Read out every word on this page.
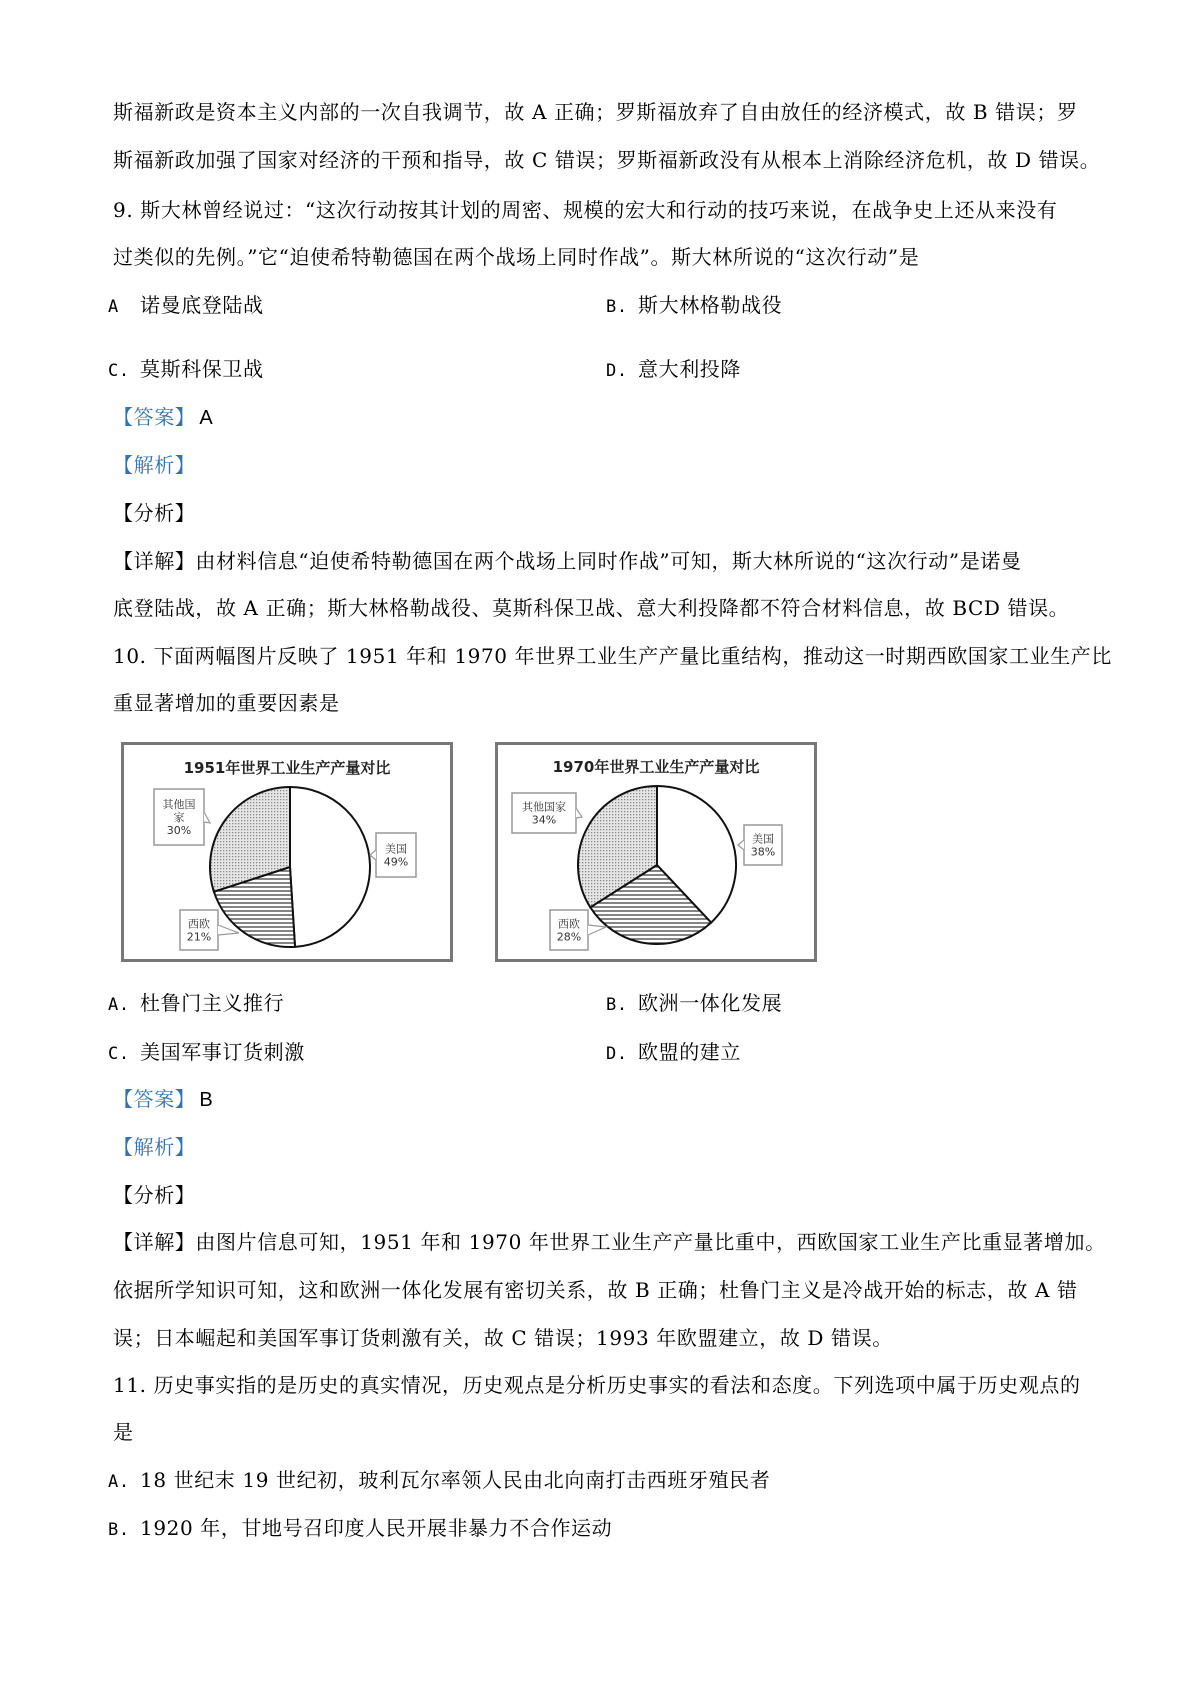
斯福新政是资本主义内部的一次自我调节，故 A 正确；罗斯福放弃了自由放任的经济模式，故 B 错误；罗
斯福新政加强了国家对经济的干预和指导，故 C 错误；罗斯福新政没有从根本上消除经济危机，故 D 错误。
9. 斯大林曾经说过：“这次行动按其计划的周密、规模的宏大和行动的技巧来说，在战争史上还从来没有
过类似的先例。”它“迫使希特勒德国在两个战场上同时作战”。斯大林所说的“这次行动”是
A 诺曼底登陆战	B. 斯大林格勒战役
C. 莫斯科保卫战	D. 意大利投降
【答案】 A
【解析】
【分析】
【详解】由材料信息“迫使希特勒德国在两个战场上同时作战”可知，斯大林所说的“这次行动”是诺曼
底登陆战，故 A 正确；斯大林格勒战役、莫斯科保卫战、意大利投降都不符合材料信息，故 BCD 错误。
10. 下面两幅图片反映了 1951 年和 1970 年世界工业生产产量比重结构，推动这一时期西欧国家工业生产比
重显著增加的重要因素是
1951年世界工业生产产量对比
美国
49%
西欧
21%
其他国
家
30%
1970年世界工业生产产量对比
美国
38%
西欧
28%
其他国家
34%
A. 杜鲁门主义推行	B. 欧洲一体化发展
C. 美国军事订货刺激	D. 欧盟的建立
【答案】 B
【解析】
【分析】
【详解】由图片信息可知，1951 年和 1970 年世界工业生产产量比重中，西欧国家工业生产比重显著增加。
依据所学知识可知，这和欧洲一体化发展有密切关系，故 B 正确；杜鲁门主义是冷战开始的标志，故 A 错
误；日本崛起和美国军事订货刺激有关，故 C 错误；1993 年欧盟建立，故 D 错误。
11. 历史事实指的是历史的真实情况，历史观点是分析历史事实的看法和态度。下列选项中属于历史观点的
是
A. 18 世纪末 19 世纪初，玻利瓦尔率领人民由北向南打击西班牙殖民者
B. 1920 年，甘地号召印度人民开展非暴力不合作运动
